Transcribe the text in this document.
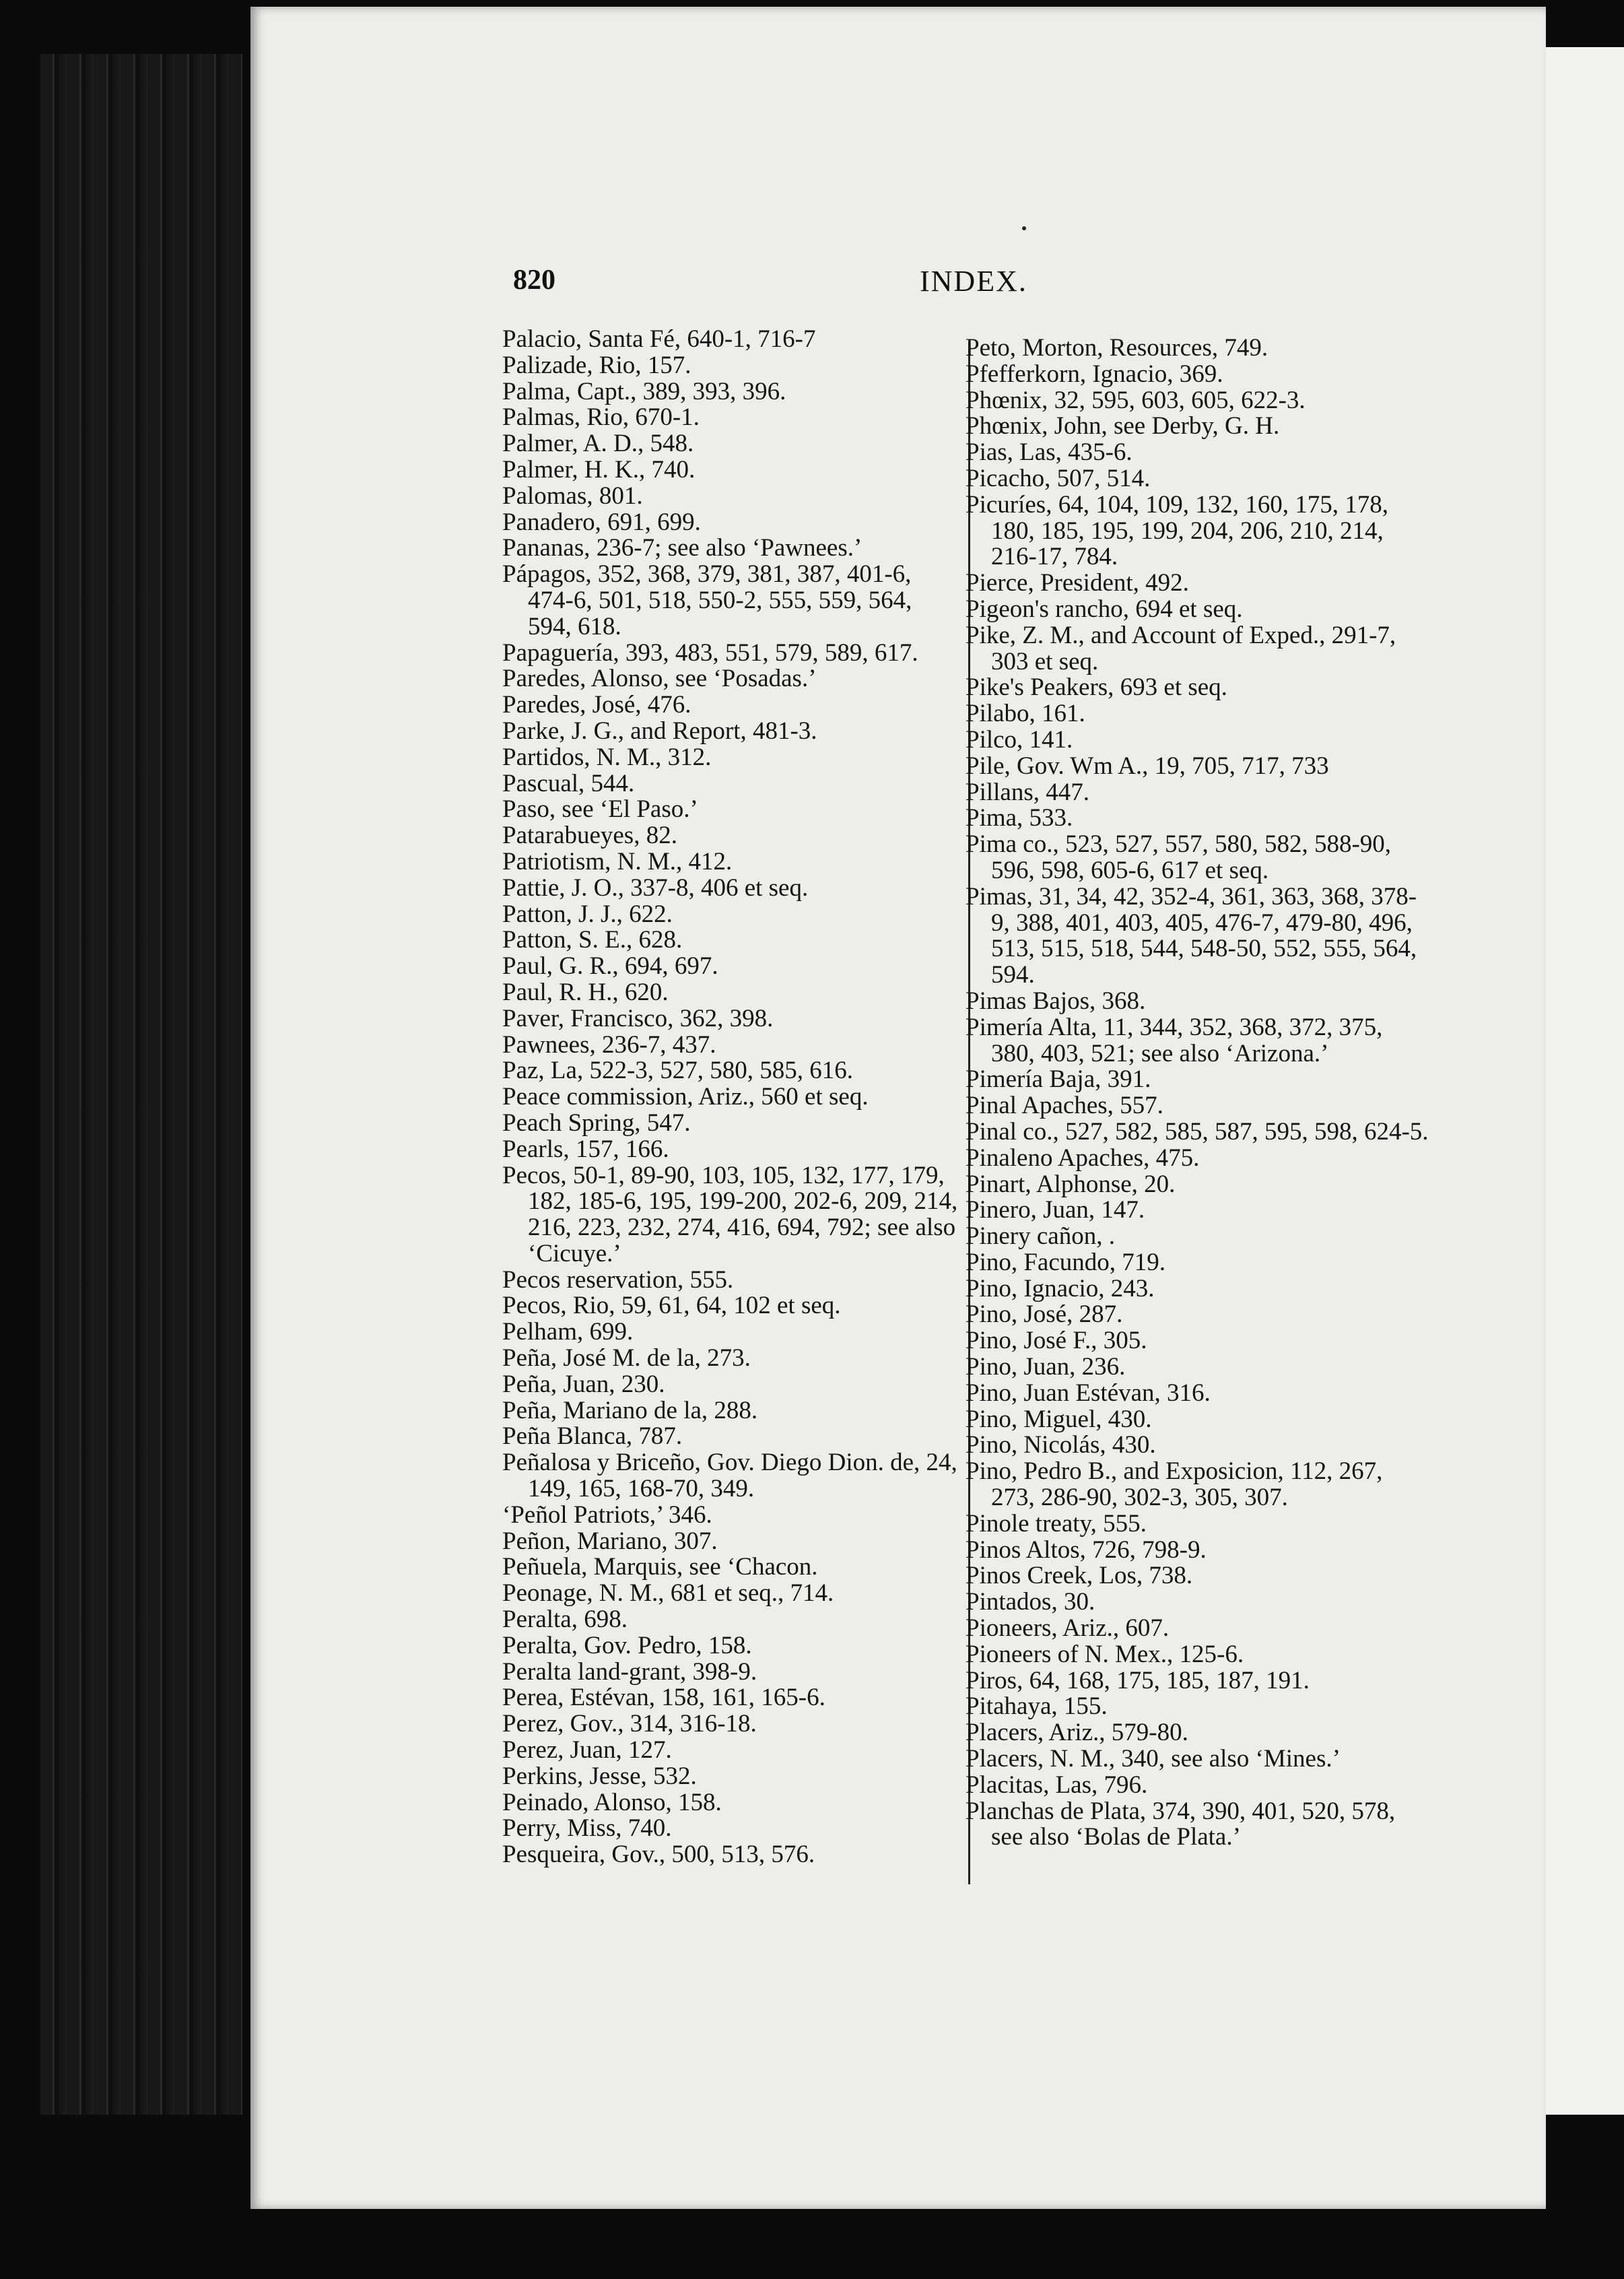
820	INDEX.
Palacio, Santa Fé, 640-1, 716-7
Palizade, Rio, 157.
Palma, Capt., 389, 393, 396.
Palmas, Rio, 670-1.
Palmer, A. D., 548.
Palmer, H. K., 740.
Palomas, 801.
Panadero, 691, 699.
Pananas, 236-7; see also ‘Pawnees.’
Pápagos, 352, 368, 379, 381, 387, 401-6, 474-6, 501, 518, 550-2, 555, 559, 564, 594, 618.
Papaguería, 393, 483, 551, 579, 589, 617.
Paredes, Alonso, see ‘Posadas.’
Paredes, José, 476.
Parke, J. G., and Report, 481-3.
Partidos, N. M., 312.
Pascual, 544.
Paso, see ‘El Paso.’
Patarabueyes, 82.
Patriotism, N. M., 412.
Pattie, J. O., 337-8, 406 et seq.
Patton, J. J., 622.
Patton, S. E., 628.
Paul, G. R., 694, 697.
Paul, R. H., 620.
Paver, Francisco, 362, 398.
Pawnees, 236-7, 437.
Paz, La, 522-3, 527, 580, 585, 616.
Peace commission, Ariz., 560 et seq.
Peach Spring, 547.
Pearls, 157, 166.
Pecos, 50-1, 89-90, 103, 105, 132, 177, 179, 182, 185-6, 195, 199-200, 202-6, 209, 214, 216, 223, 232, 274, 416, 694, 792; see also ‘Cicuye.’
Pecos reservation, 555.
Pecos, Rio, 59, 61, 64, 102 et seq.
Pelham, 699.
Peña, José M. de la, 273.
Peña, Juan, 230.
Peña, Mariano de la, 288.
Peña Blanca, 787.
Peñalosa y Briceño, Gov. Diego Dion. de, 24, 149, 165, 168-70, 349.
‘Peñol Patriots,’ 346.
Peñon, Mariano, 307.
Peñuela, Marquis, see ‘Chacon.
Peonage, N. M., 681 et seq., 714.
Peralta, 698.
Peralta, Gov. Pedro, 158.
Peralta land-grant, 398-9.
Perea, Estévan, 158, 161, 165-6.
Perez, Gov., 314, 316-18.
Perez, Juan, 127.
Perkins, Jesse, 532.
Peinado, Alonso, 158.
Perry, Miss, 740.
Pesqueira, Gov., 500, 513, 576.
Peto, Morton, Resources, 749.
Pfefferkorn, Ignacio, 369.
Phœnix, 32, 595, 603, 605, 622-3.
Phœnix, John, see Derby, G. H.
Pias, Las, 435-6.
Picacho, 507, 514.
Picuríes, 64, 104, 109, 132, 160, 175, 178, 180, 185, 195, 199, 204, 206, 210, 214, 216-17, 784.
Pierce, President, 492.
Pigeon's rancho, 694 et seq.
Pike, Z. M., and Account of Exped., 291-7, 303 et seq.
Pike's Peakers, 693 et seq.
Pilabo, 161.
Pilco, 141.
Pile, Gov. Wm A., 19, 705, 717, 733
Pillans, 447.
Pima, 533.
Pima co., 523, 527, 557, 580, 582, 588-90, 596, 598, 605-6, 617 et seq.
Pimas, 31, 34, 42, 352-4, 361, 363, 368, 378-9, 388, 401, 403, 405, 476-7, 479-80, 496, 513, 515, 518, 544, 548-50, 552, 555, 564, 594.
Pimas Bajos, 368.
Pimería Alta, 11, 344, 352, 368, 372, 375, 380, 403, 521; see also ‘Arizona.’
Pimería Baja, 391.
Pinal Apaches, 557.
Pinal co., 527, 582, 585, 587, 595, 598, 624-5.
Pinaleno Apaches, 475.
Pinart, Alphonse, 20.
Pinero, Juan, 147.
Pinery cañon, .
Pino, Facundo, 719.
Pino, Ignacio, 243.
Pino, José, 287.
Pino, José F., 305.
Pino, Juan, 236.
Pino, Juan Estévan, 316.
Pino, Miguel, 430.
Pino, Nicolás, 430.
Pino, Pedro B., and Exposicion, 112, 267, 273, 286-90, 302-3, 305, 307.
Pinole treaty, 555.
Pinos Altos, 726, 798-9.
Pinos Creek, Los, 738.
Pintados, 30.
Pioneers, Ariz., 607.
Pioneers of N. Mex., 125-6.
Piros, 64, 168, 175, 185, 187, 191.
Pitahaya, 155.
Placers, Ariz., 579-80.
Placers, N. M., 340, see also ‘Mines.’
Placitas, Las, 796.
Planchas de Plata, 374, 390, 401, 520, 578, see also ‘Bolas de Plata.’
